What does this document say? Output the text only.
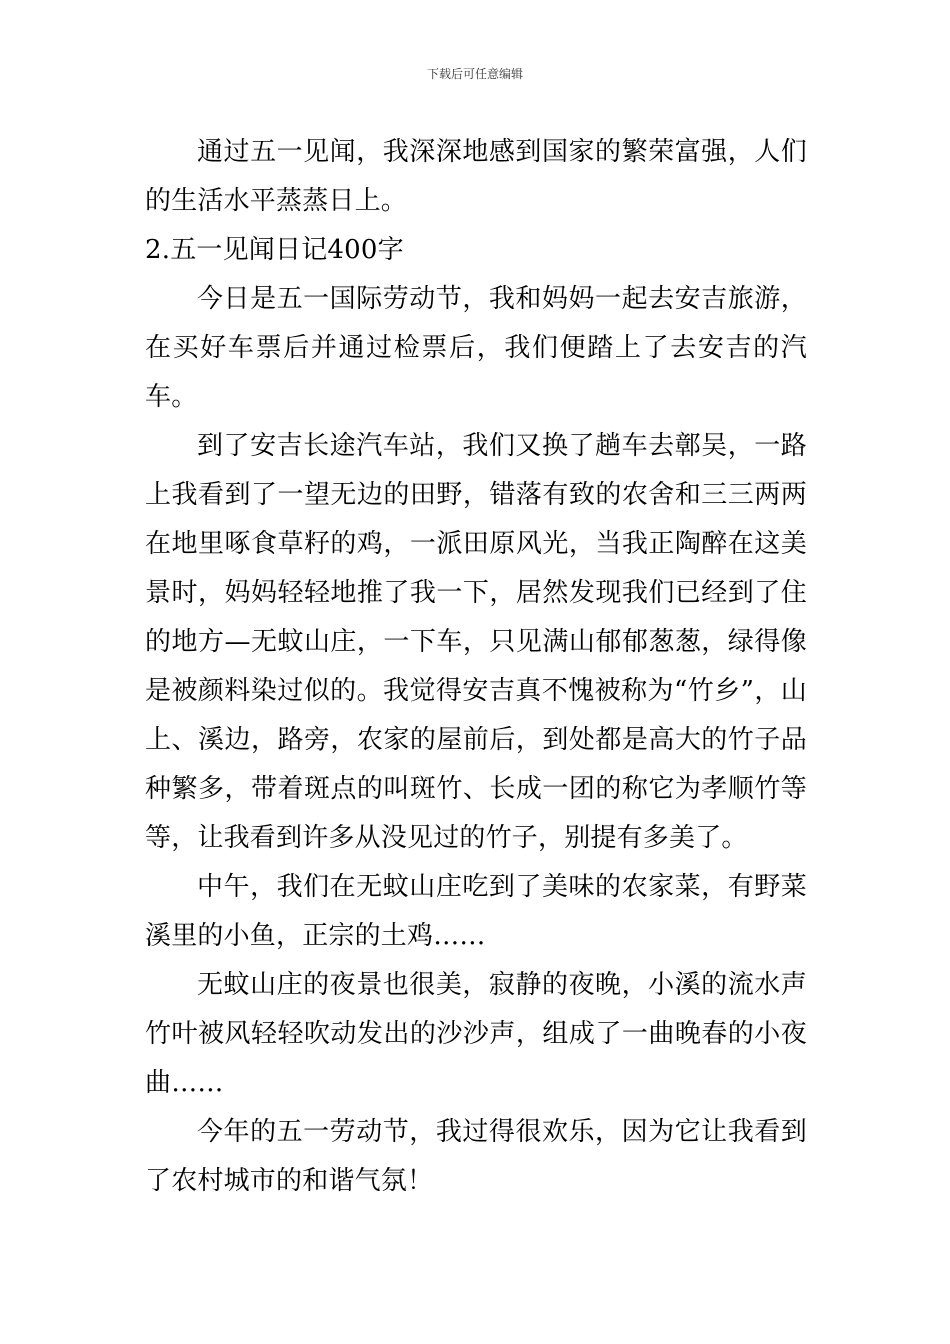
下载后可任意编辑

通过五一见闻，我深深地感到国家的繁荣富强，人们的生活水平蒸蒸日上。

2.五一见闻日记400字

今日是五一国际劳动节，我和妈妈一起去安吉旅游，在买好车票后并通过检票后，我们便踏上了去安吉的汽车。

到了安吉长途汽车站，我们又换了趟车去鄣吴，一路上我看到了一望无边的田野，错落有致的农舍和三三两两在地里啄食草籽的鸡，一派田原风光，当我正陶醉在这美景时，妈妈轻轻地推了我一下，居然发现我们已经到了住的地方—无蚊山庄，一下车，只见满山郁郁葱葱，绿得像是被颜料染过似的。我觉得安吉真不愧被称为“竹乡”，山上、溪边，路旁，农家的屋前后，到处都是高大的竹子品种繁多，带着斑点的叫斑竹、长成一团的称它为孝顺竹等等，让我看到许多从没见过的竹子，别提有多美了。

中午，我们在无蚊山庄吃到了美味的农家菜，有野菜溪里的小鱼，正宗的土鸡……

无蚊山庄的夜景也很美，寂静的夜晚，小溪的流水声竹叶被风轻轻吹动发出的沙沙声，组成了一曲晚春的小夜曲……

今年的五一劳动节，我过得很欢乐，因为它让我看到了农村城市的和谐气氛！
